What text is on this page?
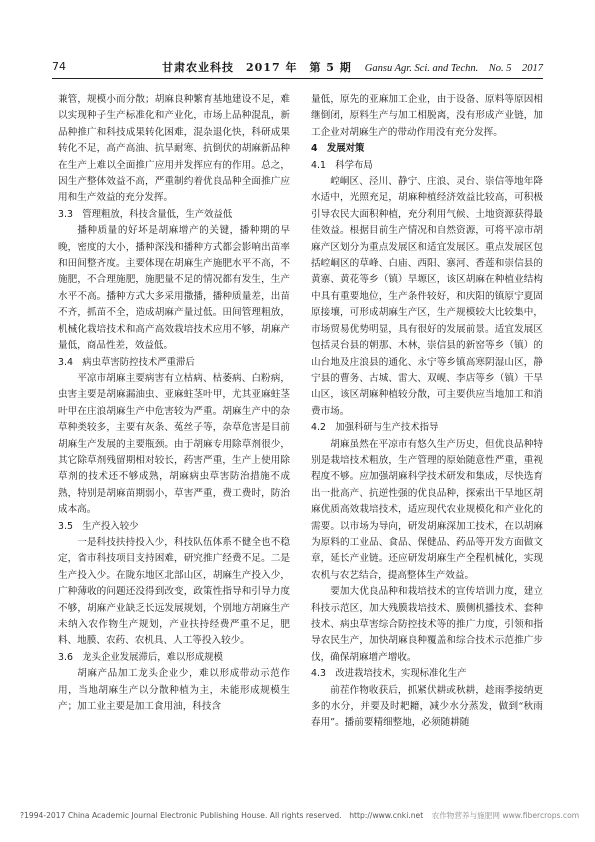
74	甘肃农业科技　 2017 年　第 5 期 Gansu Agr. Sci. and Techn.　No. 5　2017

兼管，规模小而分散；胡麻良种繁育基地建设不足，难以实现种子生产标准化和产业化，市场上品种混乱，新品种推广和科技成果转化困难，混杂退化快，科研成果转化不足，高产高油、抗旱耐寒、抗倒伏的胡麻新品种在生产上难以全面推广应用并发挥应有的作用。总之，因生产整体效益不高，严重制约着优良品种全面推广应用和生产效益的充分发挥。

3.3　管理粗放，科技含量低，生产效益低

播种质量的好坏是胡麻增产的关键，播种期的早晚，密度的大小，播种深浅和播种方式都会影响出苗率和田间整齐度。主要体现在胡麻生产施肥水平不高，不施肥，不合理施肥，施肥量不足的情况都有发生，生产水平不高。播种方式大多采用撒播，播种质量差，出苗不齐，抓苗不全，造成胡麻产量过低。田间管理粗放，机械化栽培技术和高产高效栽培技术应用不够，胡麻产量低，商品性差，效益低。

3.4　病虫草害防控技术严重滞后

平凉市胡麻主要病害有立枯病、枯萎病、白粉病，虫害主要是胡麻漏油虫、亚麻蛀茎叶甲，尤其亚麻蛀茎叶甲在庄浪胡麻生产中危害较为严重。胡麻生产中的杂草种类较多，主要有灰条、菟丝子等，杂草危害是目前胡麻生产发展的主要瓶颈。由于胡麻专用除草剂很少，其它除草剂残留期相对较长，药害严重，生产上使用除草剂的技术还不够成熟，胡麻病虫草害防治措施不成熟，特别是胡麻苗期弱小，草害严重，费工费时，防治成本高。

3.5　生产投入较少

一是科技扶持投入少，科技队伍体系不健全也不稳定，省市科技项目支持困难，研究推广经费不足。二是生产投入少。在陇东地区北部山区，胡麻生产投入少，广种薄收的问题还没得到改变，政策性指导和引导力度不够，胡麻产业缺乏长远发展规划，个别地方胡麻生产未纳入农作物生产规划，产业扶持经费严重不足，肥料、地膜、农药、农机具、人工等投入较少。

3.6　龙头企业发展滞后，难以形成规模

胡麻产品加工龙头企业少，难以形成带动示范作用，当地胡麻生产以分散种植为主，未能形成规模生产；加工业主要是加工食用油，科技含

量低，原先的亚麻加工企业，由于设备、原料等原因相继倒闭，原料生产与加工相脱离，没有形成产业链，加工企业对胡麻生产的带动作用没有充分发挥。

4　发展对策

4.1　科学布局

崆峒区、泾川、静宁、庄浪、灵台、崇信等地年降水适中，光照充足，胡麻种植经济效益比较高，可积极引导农民大面积种植，充分利用气候、土地资源获得最佳效益。根据目前生产情况和自然资源，可将平凉市胡麻产区划分为重点发展区和适宜发展区。重点发展区包括崆峒区的草峰、白庙、西阳、寨河、香莲和崇信县的黄寨、黄花等乡（镇）旱塬区，该区胡麻在种植业结构中具有重要地位，生产条件较好，和庆阳的镇原宁夏固原接壤，可形成胡麻生产区，生产规模较大比较集中，市场贸易优势明显，具有很好的发展前景。适宜发展区包括灵台县的朝那、木林，崇信县的新窑等乡（镇）的山台地及庄浪县的通化、永宁等乡镇高寒阴湿山区，静宁县的曹务、古城、雷大、双岘、李店等乡（镇）干旱山区，该区胡麻种植较分散，可主要供应当地加工和消费市场。

4.2　加强科研与生产技术指导

胡麻虽然在平凉市有悠久生产历史，但优良品种特别是栽培技术粗放，生产管理的原始随意性严重，重视程度不够。应加强胡麻科学技术研发和集成，尽快选育出一批高产、抗逆性强的优良品种，探索出干旱地区胡麻优质高效栽培技术，适应现代农业规模化和产业化的需要。以市场为导向，研发胡麻深加工技术，在以胡麻为原料的工业品、食品、保健品、药品等开发方面做文章，延长产业链。还应研发胡麻生产全程机械化，实现农机与农艺结合，提高整体生产效益。

要加大优良品种和栽培技术的宣传培训力度，建立科技示范区，加大残膜栽培技术、膜侧机播技术、套种技术、病虫草害综合防控技术等的推广力度，引领和指导农民生产，加快胡麻良种覆盖和综合技术示范推广步伐，确保胡麻增产增收。

4.3　改进栽培技术，实现标准化生产

前茬作物收获后，抓紧伏耕或秋耕，趁雨季接纳更多的水分，并要及时耙耱，减少水分蒸发，做到“秋雨春用”。播前要精细整地，必须随耕随

?1994-2017 China Academic Journal Electronic Publishing House. All rights reserved.　http://www.cnki.net 农作物营养与施肥网 www.fibercrops.com
